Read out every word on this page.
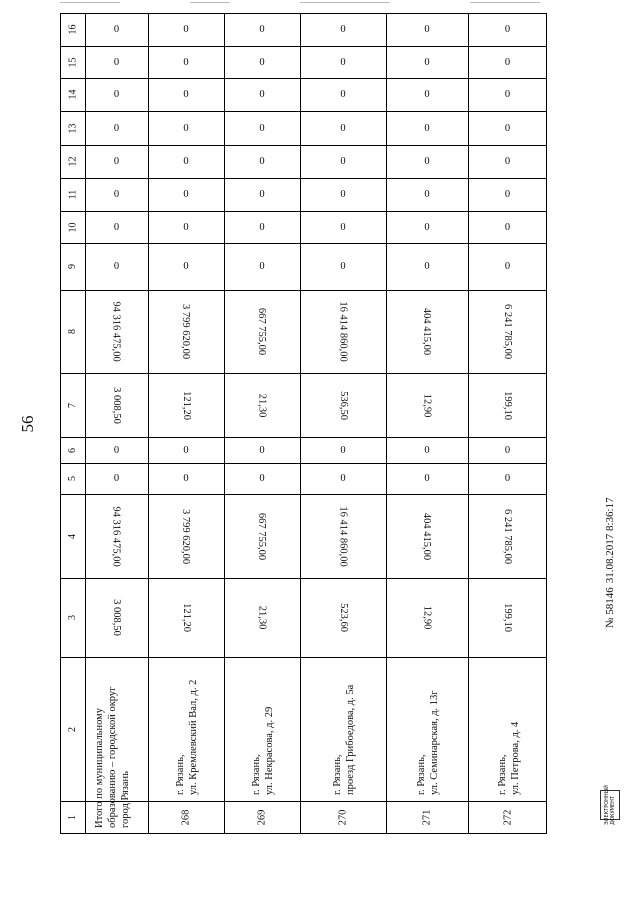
56
1
2
3
4
5
6
7
8
9
10
11
12
13
14
15
16
3 008,50
94 316 475,00
0
0
3 008,50
94 316 475,00
0
0
0
0
0
0
0
0
Итого по муниципальному образованию – городской округ город Рязань
121,20
3 799 620,00
0
0
121,20
3 799 620,00
0
0
0
0
0
0
0
0
268
г. Рязань, ул. Кремлевский Вал, д. 2
21,30
667 755,00
0
0
21,30
667 755,00
0
0
0
0
0
0
0
0
269
г. Рязань, ул. Некрасова, д. 29
523,60
16 414 860,00
0
0
536,50
16 414 860,00
0
0
0
0
0
0
0
0
270
г. Рязань, проезд Грибоедова, д. 5а
12,90
404 415,00
0
0
12,90
404 415,00
0
0
0
0
0
0
0
0
271
г. Рязань, ул. Семинарская, д. 13г
199,10
6 241 785,00
0
0
199,10
6 241 785,00
0
0
0
0
0
0
0
0
272
г. Рязань, ул. Петрова, д. 4
№ 58146 31.08.2017 8:36:17
ЭЛЕКТРОННЫЙ ДОКУМЕНТ
